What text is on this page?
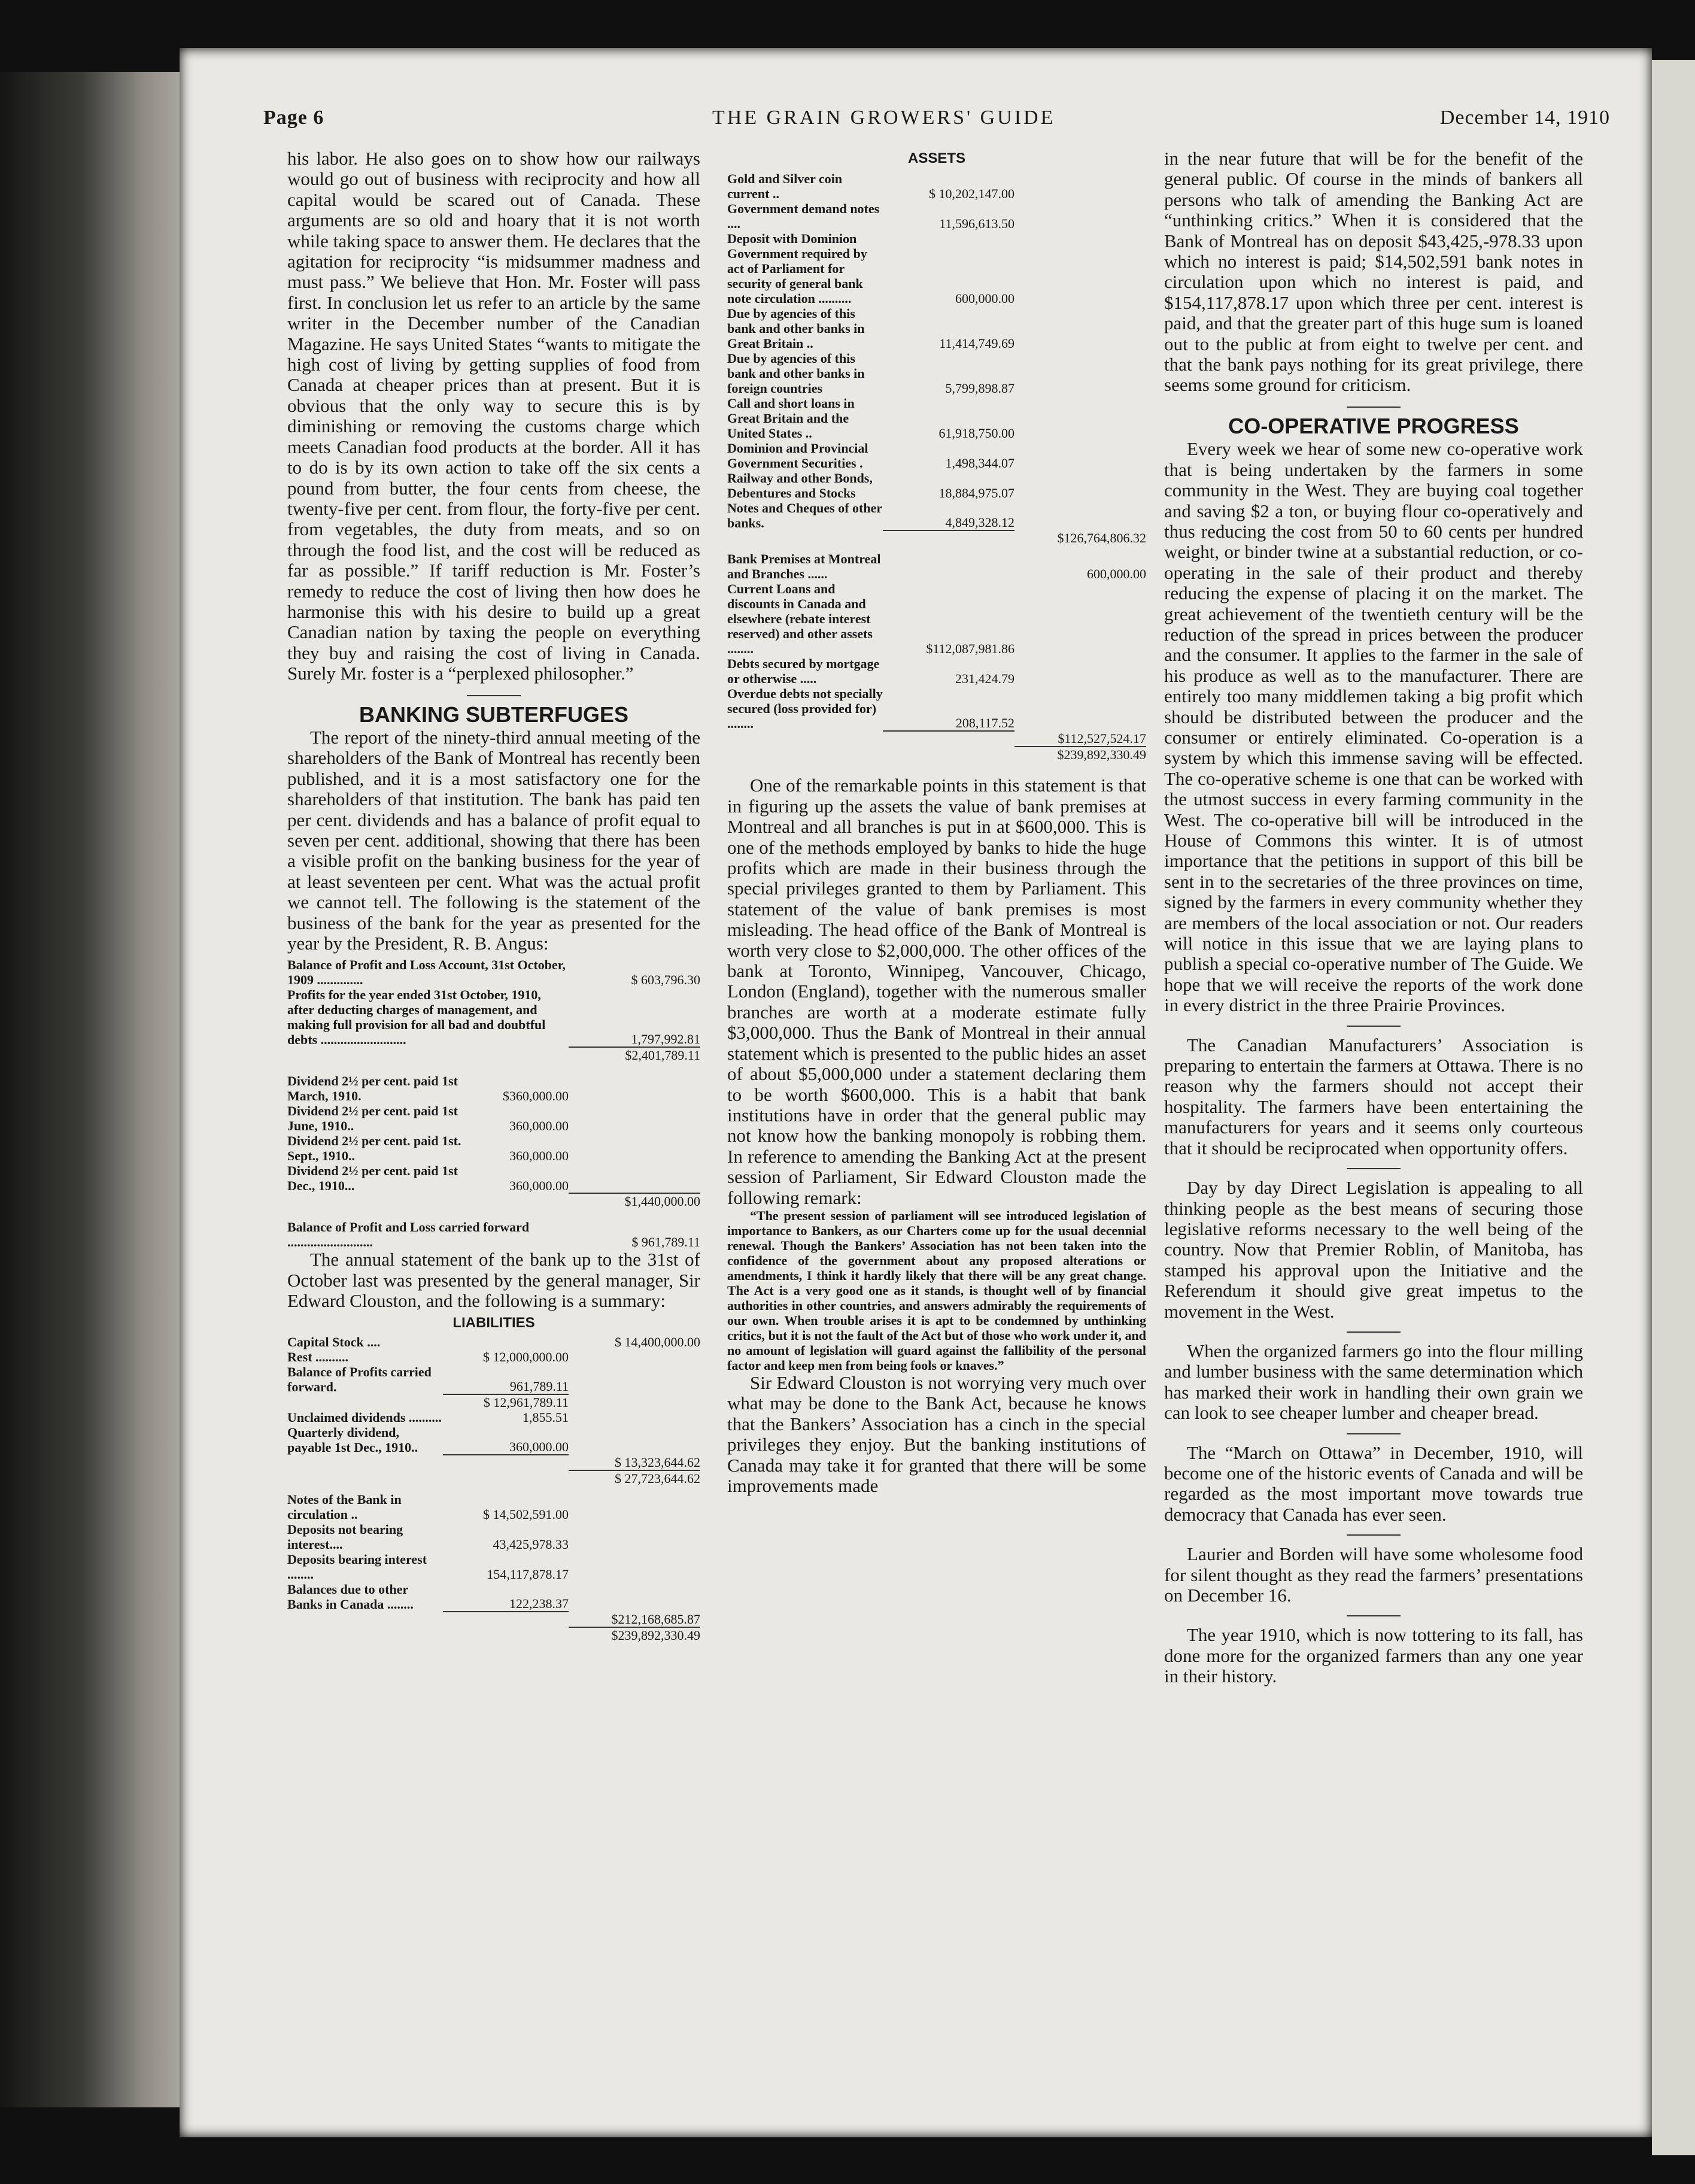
Page 6	THE GRAIN GROWERS' GUIDE	December 14, 1910

his labor. He also goes on to show how our railways would go out of business with reciprocity and how all capital would be scared out of Canada. These arguments are so old and hoary that it is not worth while taking space to answer them. He declares that the agitation for reciprocity “is midsummer madness and must pass.” We believe that Hon. Mr. Foster will pass first. In conclusion let us refer to an article by the same writer in the December number of the Canadian Magazine. He says United States “wants to mitigate the high cost of living by getting supplies of food from Canada at cheaper prices than at present. But it is obvious that the only way to secure this is by diminishing or removing the customs charge which meets Canadian food products at the border. All it has to do is by its own action to take off the six cents a pound from butter, the four cents from cheese, the twenty-five per cent. from flour, the forty-five per cent. from vegetables, the duty from meats, and so on through the food list, and the cost will be reduced as far as possible.” If tariff reduction is Mr. Foster’s remedy to reduce the cost of living then how does he harmonise this with his desire to build up a great Canadian nation by taxing the people on everything they buy and raising the cost of living in Canada. Surely Mr. foster is a “perplexed philosopher.”

BANKING SUBTERFUGES

The report of the ninety-third annual meeting of the shareholders of the Bank of Montreal has recently been published, and it is a most satisfactory one for the shareholders of that institution. The bank has paid ten per cent. dividends and has a balance of profit equal to seven per cent. additional, showing that there has been a visible profit on the banking business for the year of at least seventeen per cent. What was the actual profit we cannot tell. The following is the statement of the business of the bank for the year as presented for the year by the President, R. B. Angus:

Balance of Profit and Loss Account, 31st October, 1909 ..............	$ 603,796.30
Profits for the year ended 31st October, 1910, after deducting charges of management, and making full provision for all bad and doubtful debts ..........................	1,797,992.81
	$2,401,789.11
Dividend 2½ per cent. paid 1st March, 1910.	$360,000.00	
Dividend 2½ per cent. paid 1st June, 1910..	360,000.00	
Dividend 2½ per cent. paid 1st. Sept., 1910..	360,000.00	
Dividend 2½ per cent. paid 1st Dec., 1910...	360,000.00	
		$1,440,000.00
Balance of Profit and Loss carried forward ..........................	$ 961,789.11

The annual statement of the bank up to the 31st of October last was presented by the general manager, Sir Edward Clouston, and the following is a summary:

LIABILITIES
Capital Stock ....		$ 14,400,000.00
Rest ..........	$ 12,000,000.00	
Balance of Profits carried forward.	961,789.11	
	$ 12,961,789.11	
Unclaimed dividends ..........	1,855.51	
Quarterly dividend, payable 1st Dec., 1910..	360,000.00	
		$ 13,323,644.62
		$ 27,723,644.62
Notes of the Bank in circulation ..	$ 14,502,591.00	
Deposits not bearing interest....	43,425,978.33	
Deposits bearing interest ........	154,117,878.17	
Balances due to other Banks in Canada ........	122,238.37	
		$212,168,685.87
		$239,892,330.49
ASSETS
Gold and Silver coin current ..	$ 10,202,147.00	
Government demand notes ....	11,596,613.50	
Deposit with Dominion Government required by act of Parliament for security of general bank note circulation ..........	600,000.00	
Due by agencies of this bank and other banks in Great Britain ..	11,414,749.69	
Due by agencies of this bank and other banks in foreign countries	5,799,898.87	
Call and short loans in Great Britain and the United States ..	61,918,750.00	
Dominion and Provincial Government Securities .	1,498,344.07	
Railway and other Bonds, Debentures and Stocks	18,884,975.07	
Notes and Cheques of other banks.	4,849,328.12	
		$126,764,806.32
Bank Premises at Montreal and Branches ......		600,000.00
Current Loans and discounts in Canada and elsewhere (rebate interest reserved) and other assets ........	$112,087,981.86	
Debts secured by mortgage or otherwise .....	231,424.79	
Overdue debts not specially secured (loss provided for) ........	208,117.52	
		$112,527,524.17
		$239,892,330.49

One of the remarkable points in this statement is that in figuring up the assets the value of bank premises at Montreal and all branches is put in at $600,000. This is one of the methods employed by banks to hide the huge profits which are made in their business through the special privileges granted to them by Parliament. This statement of the value of bank premises is most misleading. The head office of the Bank of Montreal is worth very close to $2,000,000. The other offices of the bank at Toronto, Winnipeg, Vancouver, Chicago, London (England), together with the numerous smaller branches are worth at a moderate estimate fully $3,000,000. Thus the Bank of Montreal in their annual statement which is presented to the public hides an asset of about $5,000,000 under a statement declaring them to be worth $600,000. This is a habit that bank institutions have in order that the general public may not know how the banking monopoly is robbing them. In reference to amending the Banking Act at the present session of Parliament, Sir Edward Clouston made the following remark:

“The present session of parliament will see introduced legislation of importance to Bankers, as our Charters come up for the usual decennial renewal. Though the Bankers’ Association has not been taken into the confidence of the government about any proposed alterations or amendments, I think it hardly likely that there will be any great change. The Act is a very good one as it stands, is thought well of by financial authorities in other countries, and answers admirably the requirements of our own. When trouble arises it is apt to be condemned by unthinking critics, but it is not the fault of the Act but of those who work under it, and no amount of legislation will guard against the fallibility of the personal factor and keep men from being fools or knaves.”

Sir Edward Clouston is not worrying very much over what may be done to the Bank Act, because he knows that the Bankers’ Association has a cinch in the special privileges they enjoy. But the banking institutions of Canada may take it for granted that there will be some improvements made

in the near future that will be for the benefit of the general public. Of course in the minds of bankers all persons who talk of amending the Banking Act are “unthinking critics.” When it is considered that the Bank of Montreal has on deposit $43,425,-978.33 upon which no interest is paid; $14,502,591 bank notes in circulation upon which no interest is paid, and $154,117,878.17 upon which three per cent. interest is paid, and that the greater part of this huge sum is loaned out to the public at from eight to twelve per cent. and that the bank pays nothing for its great privilege, there seems some ground for criticism.

CO-OPERATIVE PROGRESS

Every week we hear of some new co-operative work that is being undertaken by the farmers in some community in the West. They are buying coal together and saving $2 a ton, or buying flour co-operatively and thus reducing the cost from 50 to 60 cents per hundred weight, or binder twine at a substantial reduction, or co-operating in the sale of their product and thereby reducing the expense of placing it on the market. The great achievement of the twentieth century will be the reduction of the spread in prices between the producer and the consumer. It applies to the farmer in the sale of his produce as well as to the manufacturer. There are entirely too many middlemen taking a big profit which should be distributed between the producer and the consumer or entirely eliminated. Co-operation is a system by which this immense saving will be effected. The co-operative scheme is one that can be worked with the utmost success in every farming community in the West. The co-operative bill will be introduced in the House of Commons this winter. It is of utmost importance that the petitions in support of this bill be sent in to the secretaries of the three provinces on time, signed by the farmers in every community whether they are members of the local association or not. Our readers will notice in this issue that we are laying plans to publish a special co-operative number of The Guide. We hope that we will receive the reports of the work done in every district in the three Prairie Provinces.

The Canadian Manufacturers’ Association is preparing to entertain the farmers at Ottawa. There is no reason why the farmers should not accept their hospitality. The farmers have been entertaining the manufacturers for years and it seems only courteous that it should be reciprocated when opportunity offers.

Day by day Direct Legislation is appealing to all thinking people as the best means of securing those legislative reforms necessary to the well being of the country. Now that Premier Roblin, of Manitoba, has stamped his approval upon the Initiative and the Referendum it should give great impetus to the movement in the West.

When the organized farmers go into the flour milling and lumber business with the same determination which has marked their work in handling their own grain we can look to see cheaper lumber and cheaper bread.

The “March on Ottawa” in December, 1910, will become one of the historic events of Canada and will be regarded as the most important move towards true democracy that Canada has ever seen.

Laurier and Borden will have some wholesome food for silent thought as they read the farmers’ presentations on December 16.

The year 1910, which is now tottering to its fall, has done more for the organized farmers than any one year in their history.
